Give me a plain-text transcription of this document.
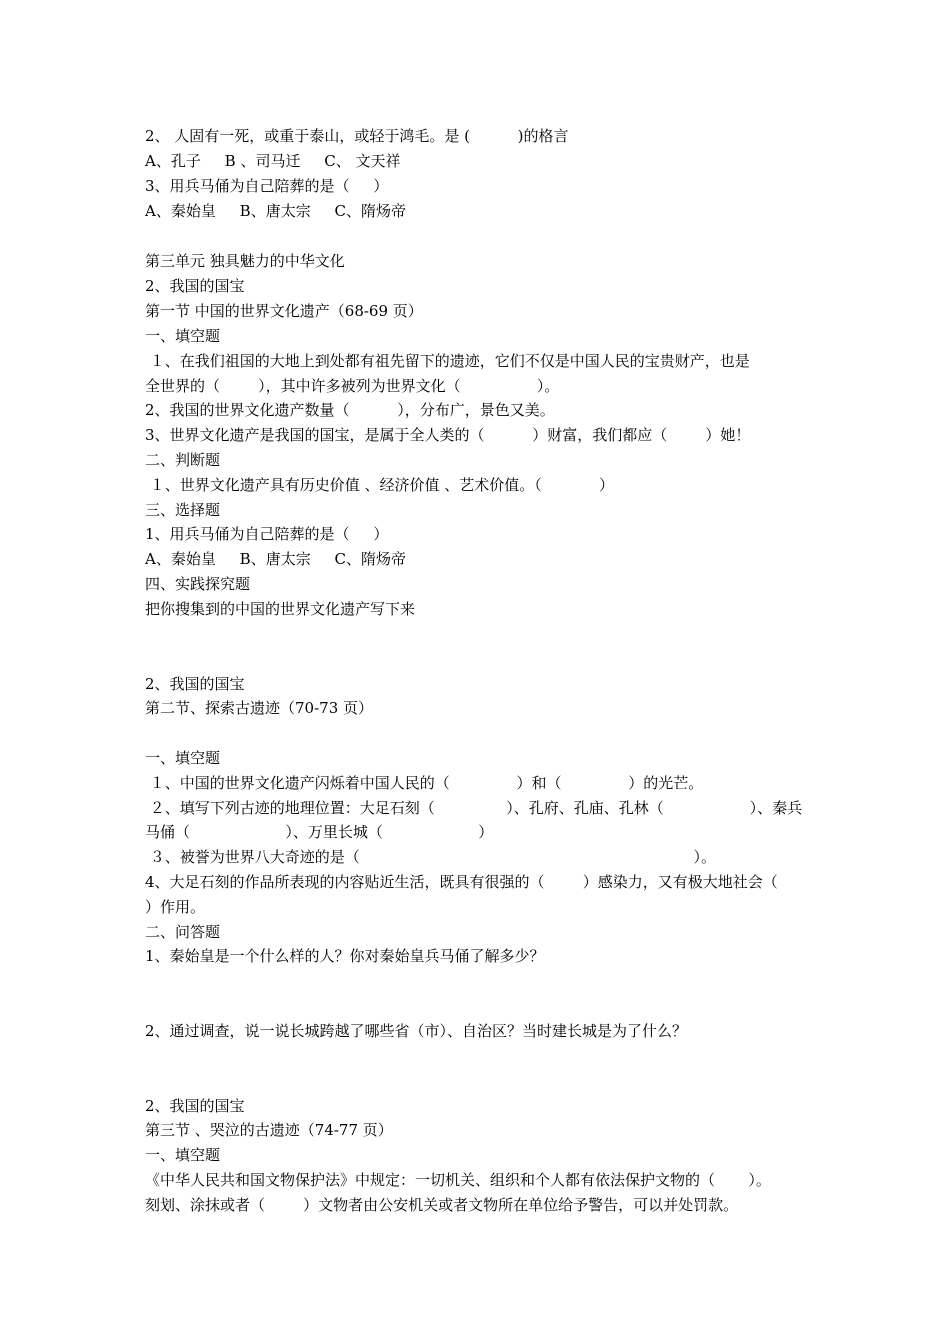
2、 人固有一死，或重于泰山，或轻于鸿毛。是 (          )的格言

A、孔子     B 、司马迁     C、 文天祥

3、用兵马俑为自己陪葬的是（     ）

A、秦始皇     B、唐太宗     C、隋炀帝

第三单元 独具魅力的中华文化

2、我国的国宝

第一节 中国的世界文化遗产（68-69 页）

一、填空题

１、在我们祖国的大地上到处都有祖先留下的遗迹，它们不仅是中国人民的宝贵财产，也是

全世界的（        ），其中许多被列为世界文化（                ）。

2、我国的世界文化遗产数量（          ），分布广，景色又美。

3、世界文化遗产是我国的国宝，是属于全人类的（          ）财富，我们都应（        ）她！

二、判断题

１、世界文化遗产具有历史价值 、经济价值 、艺术价值。（            ）

三、选择题

1、用兵马俑为自己陪葬的是（     ）

A、秦始皇     B、唐太宗     C、隋炀帝

四、实践探究题

把你搜集到的中国的世界文化遗产写下来

2、我国的国宝

第二节、探索古遗迹（70-73 页）

一、填空题

１、中国的世界文化遗产闪烁着中国人民的（              ）和（              ）的光芒。

２、填写下列古迹的地理位置：大足石刻（               ）、孔府、孔庙、孔林（                  ）、秦兵

马俑（                    ）、万里长城（                    ）

３、被誉为世界八大奇迹的是（                                                                      ）。

4、大足石刻的作品所表现的内容贴近生活，既具有很强的（        ）感染力，又有极大地社会（

）作用。

二、问答题

1、秦始皇是一个什么样的人？你对秦始皇兵马俑了解多少？

2、通过调查，说一说长城跨越了哪些省（市）、自治区？当时建长城是为了什么？

2、我国的国宝

第三节 、哭泣的古遗迹（74-77 页）

一、填空题

《中华人民共和国文物保护法》中规定：一切机关、组织和个人都有依法保护文物的（       ）。

刻划、涂抹或者（        ）文物者由公安机关或者文物所在单位给予警告，可以并处罚款。
